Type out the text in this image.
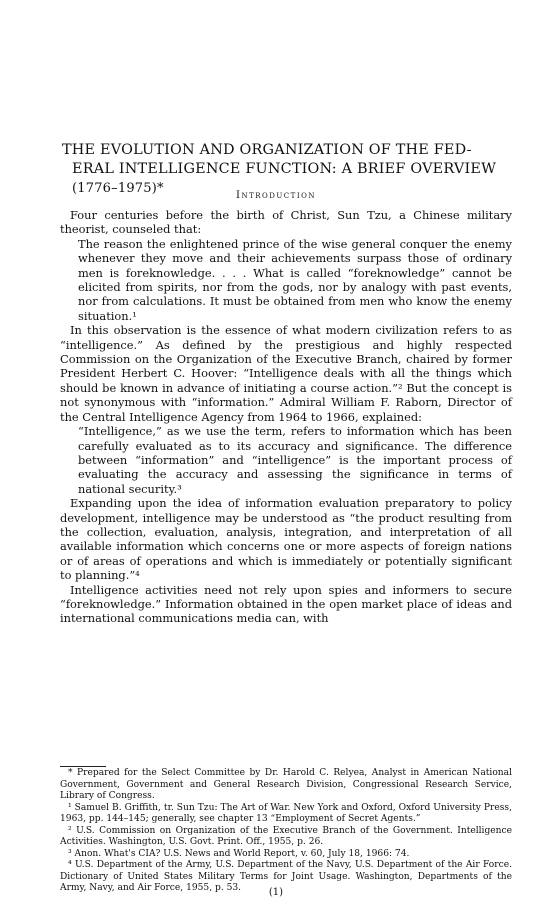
THE EVOLUTION AND ORGANIZATION OF THE FED-
ERAL INTELLIGENCE FUNCTION: A BRIEF OVERVIEW
(1776–1975)*	Introduction

Four centuries before the birth of Christ, Sun Tzu, a Chinese military theorist, counseled that:

The reason the enlightened prince of the wise general conquer the enemy whenever they move and their achievements surpass those of ordinary men is foreknowledge. . . . What is called “foreknowledge” cannot be elicited from spirits, nor from the gods, nor by analogy with past events, nor from calculations. It must be obtained from men who know the enemy situation.¹

In this observation is the essence of what modern civilization refers to as “intelligence.” As defined by the prestigious and highly respected Commission on the Organization of the Executive Branch, chaired by former President Herbert C. Hoover: “Intelligence deals with all the things which should be known in advance of initiating a course action.”² But the concept is not synonymous with “information.” Admiral William F. Raborn, Director of the Central Intelligence Agency from 1964 to 1966, explained:

“Intelligence,” as we use the term, refers to information which has been carefully evaluated as to its accuracy and significance. The difference between “information” and “intelligence” is the important process of evaluating the accuracy and assessing the significance in terms of national security.³

Expanding upon the idea of information evaluation preparatory to policy development, intelligence may be understood as “the product resulting from the collection, evaluation, analysis, integration, and interpretation of all available information which concerns one or more aspects of foreign nations or of areas of operations and which is immediately or potentially significant to planning.”⁴

Intelligence activities need not rely upon spies and informers to secure “foreknowledge.” Information obtained in the open market place of ideas and international communications media can, with

* Prepared for the Select Committee by Dr. Harold C. Relyea, Analyst in American National Government, Government and General Research Division, Congressional Research Service, Library of Congress.

¹ Samuel B. Griffith, tr. Sun Tzu: The Art of War. New York and Oxford, Oxford University Press, 1963, pp. 144–145; generally, see chapter 13 “Employment of Secret Agents.”

² U.S. Commission on Organization of the Executive Branch of the Government. Intelligence Activities. Washington, U.S. Govt. Print. Off., 1955, p. 26.

³ Anon. What's CIA? U.S. News and World Report, v. 60, July 18, 1966: 74.

⁴ U.S. Department of the Army, U.S. Department of the Navy, U.S. Department of the Air Force. Dictionary of United States Military Terms for Joint Usage. Washington, Departments of the Army, Navy, and Air Force, 1955, p. 53.	(1)
